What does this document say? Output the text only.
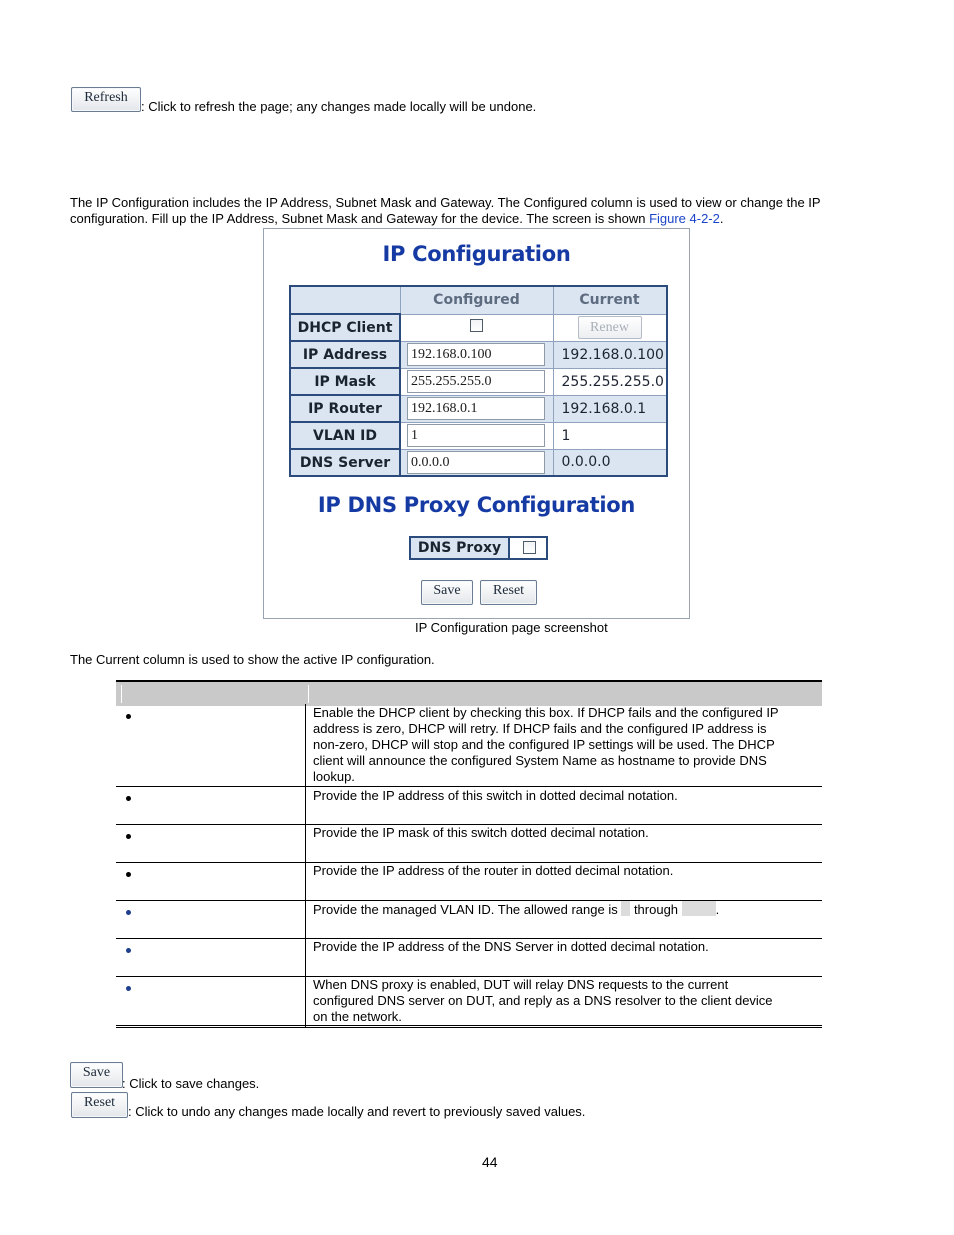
Refresh
: Click to refresh the page; any changes made locally will be undone.
The IP Configuration includes the IP Address, Subnet Mask and Gateway. The Configured column is used to view or change the IP
configuration. Fill up the IP Address, Subnet Mask and Gateway for the device. The screen is shown Figure 4-2-2.
IP Configuration
	Configured	Current
DHCP Client		Renew
IP Address	192.168.0.100	192.168.0.100
IP Mask	255.255.255.0	255.255.255.0
IP Router	192.168.0.1	192.168.0.1
VLAN ID	1	1
DNS Server	0.0.0.0	0.0.0.0
IP DNS Proxy Configuration
DNS Proxy
Save	Reset
IP Configuration page screenshot
The Current column is used to show the active IP configuration.
Enable the DHCP client by checking this box. If DHCP fails and the configured IP
address is zero, DHCP will retry. If DHCP fails and the configured IP address is
non-zero, DHCP will stop and the configured IP settings will be used. The DHCP
client will announce the configured System Name as hostname to provide DNS
lookup.
Provide the IP address of this switch in dotted decimal notation.
Provide the IP mask of this switch dotted decimal notation.
Provide the IP address of the router in dotted decimal notation.
Provide the managed VLAN ID. The allowed range is  through	.
Provide the IP address of the DNS Server in dotted decimal notation.
When DNS proxy is enabled, DUT will relay DNS requests to the current
configured DNS server on DUT, and reply as a DNS resolver to the client device
on the network.
Save
: Click to save changes.
Reset
: Click to undo any changes made locally and revert to previously saved values.
44
